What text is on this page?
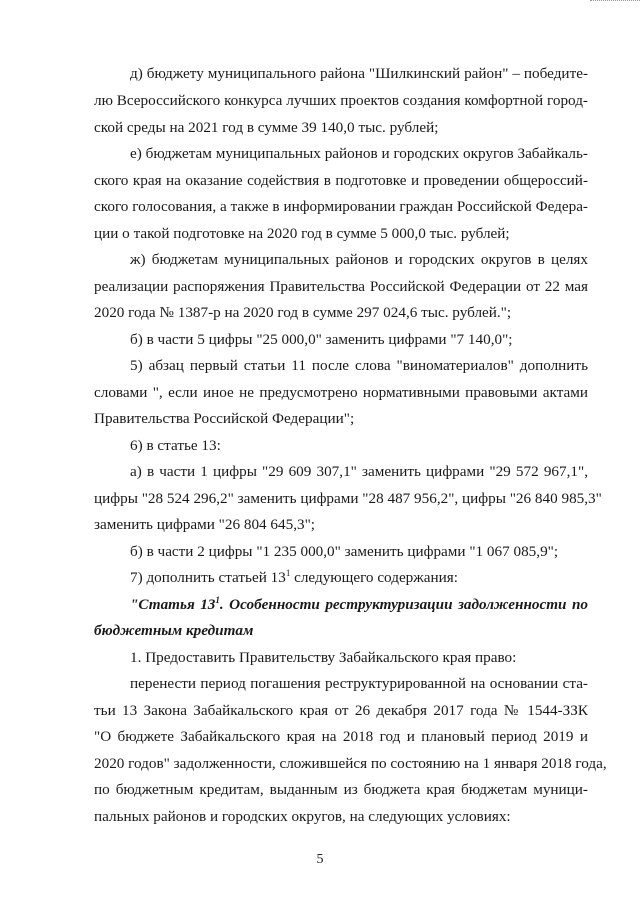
д) бюджету муниципального района "Шилкинский район" – победите-
лю Всероссийского конкурса лучших проектов создания комфортной город-
ской среды на 2021 год в сумме 39 140,0 тыс. рублей;
е) бюджетам муниципальных районов и городских округов Забайкаль-
ского края на оказание содействия в подготовке и проведении общероссий-
ского голосования, а также в информировании граждан Российской Федера-
ции о такой подготовке на 2020 год в сумме 5 000,0 тыс. рублей;
ж) бюджетам муниципальных районов и городских округов в целях
реализации распоряжения Правительства Российской Федерации от 22 мая
2020 года № 1387-р на 2020 год в сумме 297 024,6 тыс. рублей.";
б) в части 5 цифры "25 000,0" заменить цифрами "7 140,0";
5) абзац первый статьи 11 после слова "виноматериалов" дополнить
словами ", если иное не предусмотрено нормативными правовыми актами
Правительства Российской Федерации";
6) в статье 13:
а) в части 1 цифры "29 609 307,1" заменить цифрами "29 572 967,1",
цифры "28 524 296,2" заменить цифрами "28 487 956,2", цифры "26 840 985,3"
заменить цифрами "26 804 645,3";
б) в части 2 цифры "1 235 000,0" заменить цифрами "1 067 085,9";
7) дополнить статьей $13^1$ следующего содержания:
"Статья $13^1$. Особенности реструктуризации задолженности по
бюджетным кредитам
1. Предоставить Правительству Забайкальского края право:
перенести период погашения реструктурированной на основании ста-
тьи 13 Закона Забайкальского края от 26 декабря 2017 года № 1544-ЗЗК
"О бюджете Забайкальского края на 2018 год и плановый период 2019 и
2020 годов" задолженности, сложившейся по состоянию на 1 января 2018 года,
по бюджетным кредитам, выданным из бюджета края бюджетам муници-
пальных районов и городских округов, на следующих условиях:
5
